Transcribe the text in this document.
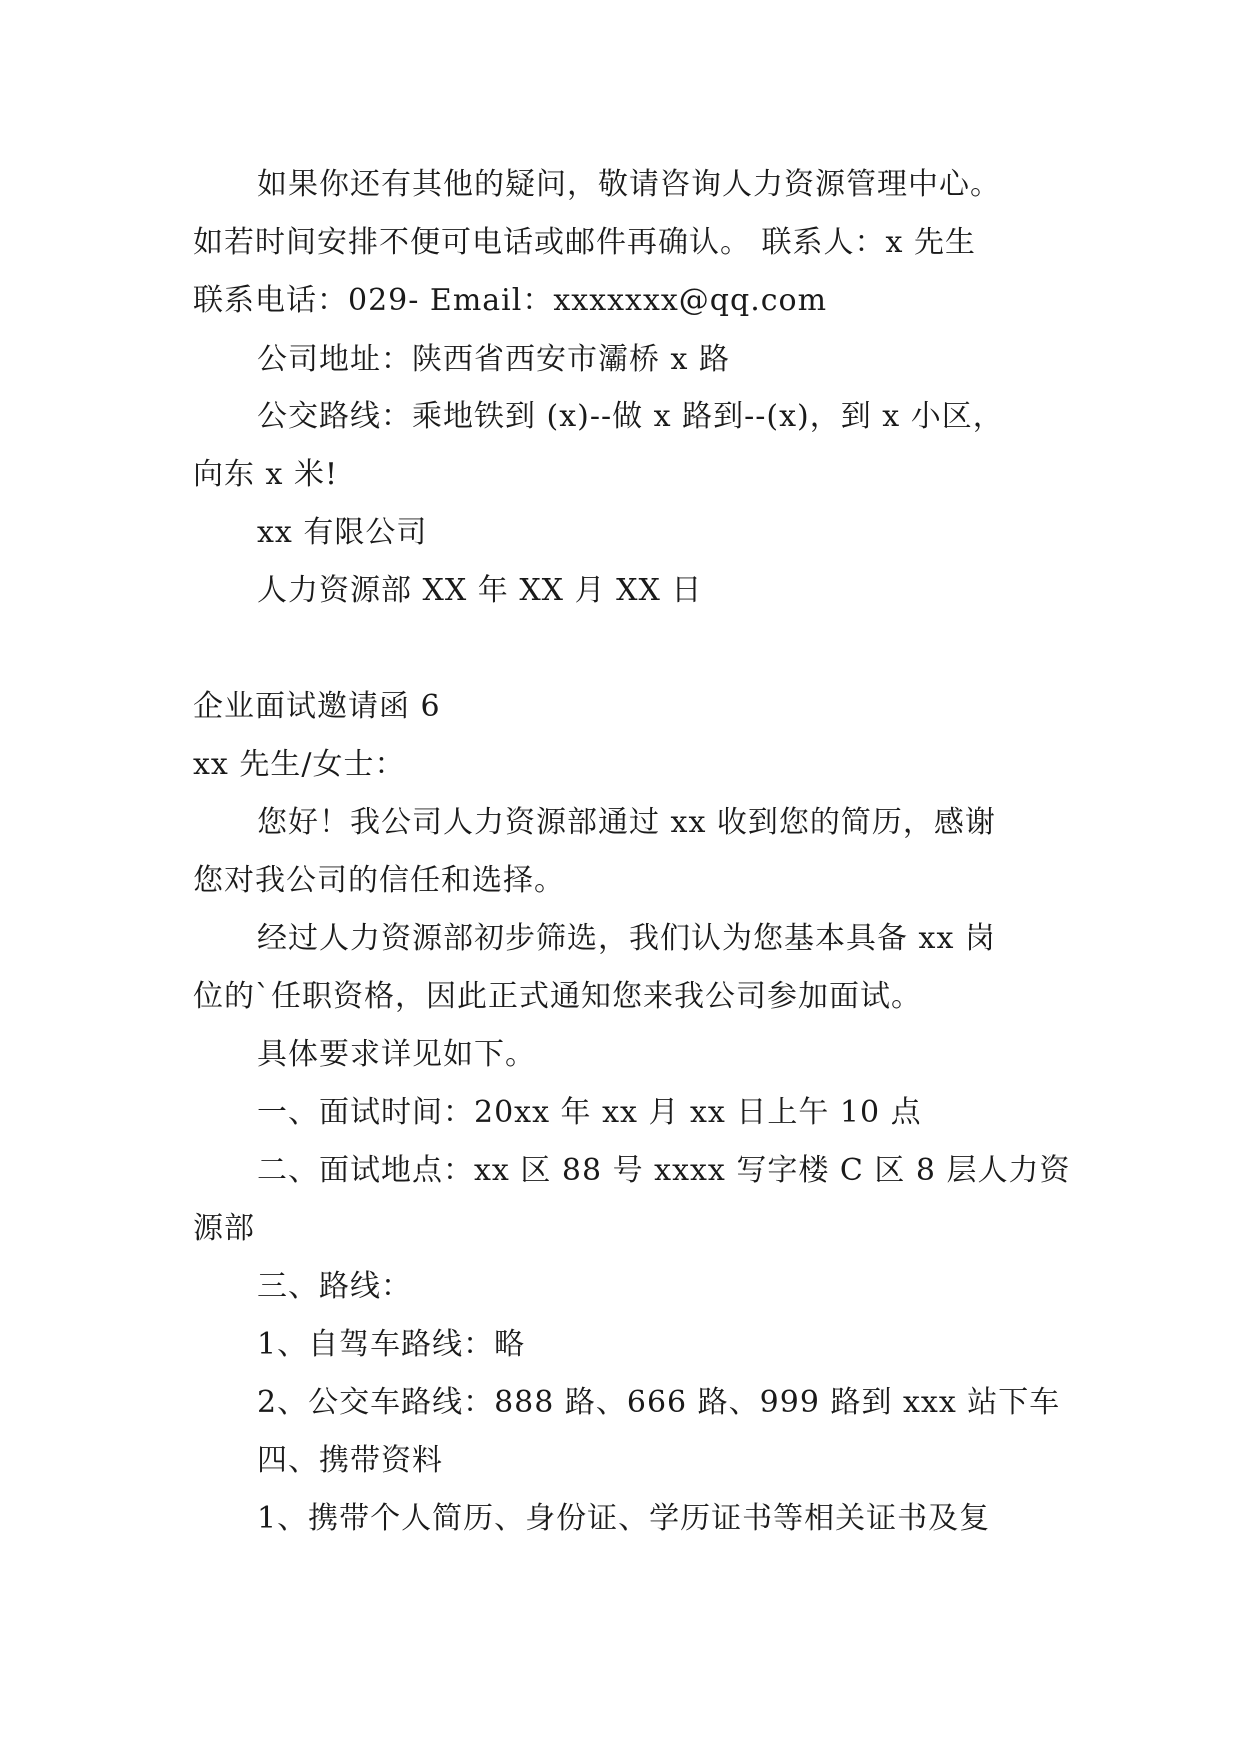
如果你还有其他的疑问，敬请咨询人力资源管理中心。
如若时间安排不便可电话或邮件再确认。 联系人：x 先生
联系电话：029- Email：xxxxxxx@qq.com
公司地址：陕西省西安市灞桥 x 路
公交路线：乘地铁到 (x)--做 x 路到--(x)，到 x 小区，
向东 x 米!
xx 有限公司
人力资源部 XX 年 XX 月 XX 日
企业面试邀请函 6
xx 先生/女士：
您好！我公司人力资源部通过 xx 收到您的简历，感谢
您对我公司的信任和选择。
经过人力资源部初步筛选，我们认为您基本具备 xx 岗
位的`任职资格，因此正式通知您来我公司参加面试。
具体要求详见如下。
一、面试时间：20xx 年 xx 月 xx 日上午 10 点
二、面试地点：xx 区 88 号 xxxx 写字楼 C 区 8 层人力资
源部
三、路线：
1、自驾车路线：略
2、公交车路线：888 路、666 路、999 路到 xxx 站下车
四、携带资料
1、携带个人简历、身份证、学历证书等相关证书及复
